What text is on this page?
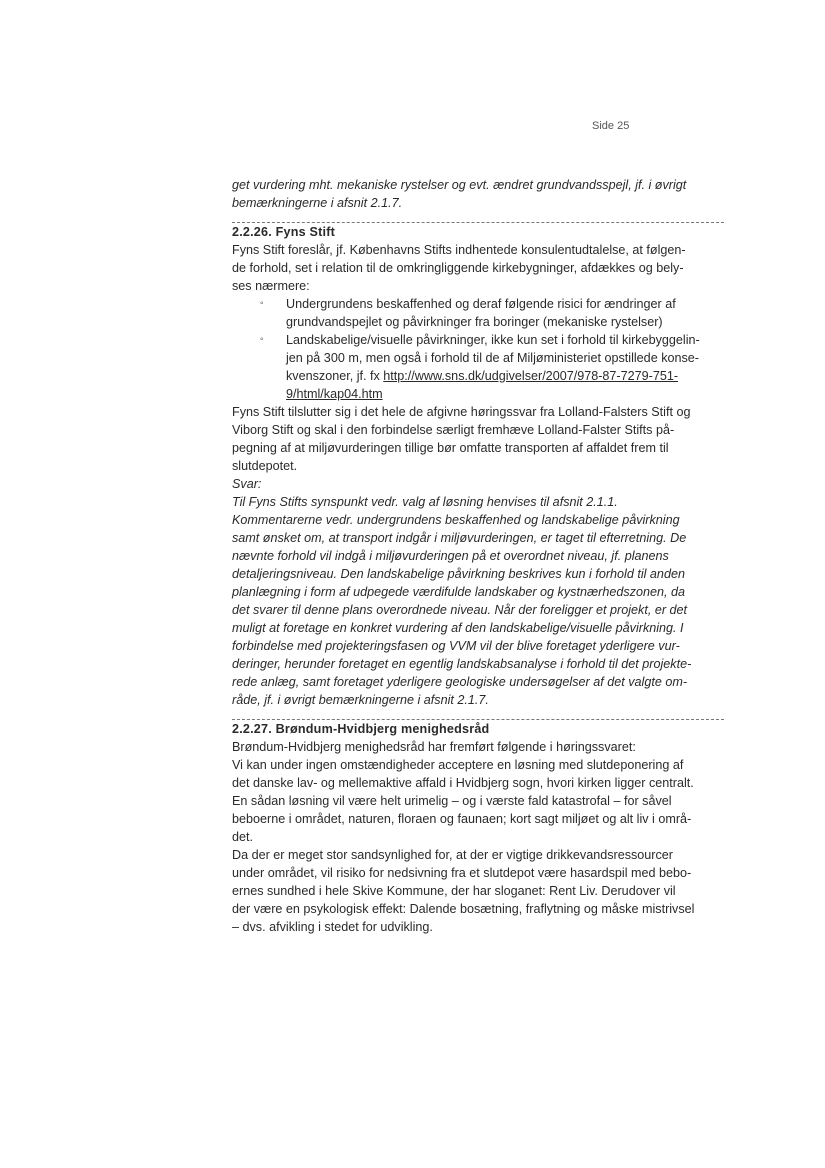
Side 25

get vurdering mht. mekaniske rystelser og evt. ændret grundvandsspejl, jf. i øvrigt
bemærkningerne i afsnit 2.1.7.

2.2.26. Fyns Stift

Fyns Stift foreslår, jf. Københavns Stifts indhentede konsulentudtalelse, at følgen-
de forhold, set i relation til de omkringliggende kirkebygninger, afdækkes og bely-
ses nærmere:

◦ Undergrundens beskaffenhed og deraf følgende risici for ændringer af
grundvandspejlet og påvirkninger fra boringer (mekaniske rystelser)
◦ Landskabelige/visuelle påvirkninger, ikke kun set i forhold til kirkebyggelin-
jen på 300 m, men også i forhold til de af Miljøministeriet opstillede konse-
kvenszoner, jf. fx http://www.sns.dk/udgivelser/2007/978-87-7279-751-
9/html/kap04.htm

Fyns Stift tilslutter sig i det hele de afgivne høringssvar fra Lolland-Falsters Stift og
Viborg Stift og skal i den forbindelse særligt fremhæve Lolland-Falster Stifts på-
pegning af at miljøvurderingen tillige bør omfatte transporten af affaldet frem til
slutdepotet.

Svar:

Til Fyns Stifts synspunkt vedr. valg af løsning henvises til afsnit 2.1.1.

Kommentarerne vedr. undergrundens beskaffenhed og landskabelige påvirkning
samt ønsket om, at transport indgår i miljøvurderingen, er taget til efterretning. De
nævnte forhold vil indgå i miljøvurderingen på et overordnet niveau, jf. planens
detaljeringsniveau. Den landskabelige påvirkning beskrives kun i forhold til anden
planlægning i form af udpegede værdifulde landskaber og kystnærhedszonen, da
det svarer til denne plans overordnede niveau. Når der foreligger et projekt, er det
muligt at foretage en konkret vurdering af den landskabelige/visuelle påvirkning. I
forbindelse med projekteringsfasen og VVM vil der blive foretaget yderligere vur-
deringer, herunder foretaget en egentlig landskabsanalyse i forhold til det projekte-
rede anlæg, samt foretaget yderligere geologiske undersøgelser af det valgte om-
råde, jf. i øvrigt bemærkningerne i afsnit 2.1.7.

2.2.27. Brøndum-Hvidbjerg menighedsråd

Brøndum-Hvidbjerg menighedsråd har fremført følgende i høringssvaret:
Vi kan under ingen omstændigheder acceptere en løsning med slutdeponering af
det danske lav- og mellemaktive affald i Hvidbjerg sogn, hvori kirken ligger centralt.

En sådan løsning vil være helt urimelig – og i værste fald katastrofal – for såvel
beboerne i området, naturen, floraen og faunaen; kort sagt miljøet og alt liv i områ-
det.

Da der er meget stor sandsynlighed for, at der er vigtige drikkevandsressourcer
under området, vil risiko for nedsivning fra et slutdepot være hasardspil med bebo-
ernes sundhed i hele Skive Kommune, der har sloganet: Rent Liv. Derudover vil
der være en psykologisk effekt: Dalende bosætning, fraflytning og måske mistrivsel
– dvs. afvikling i stedet for udvikling.
